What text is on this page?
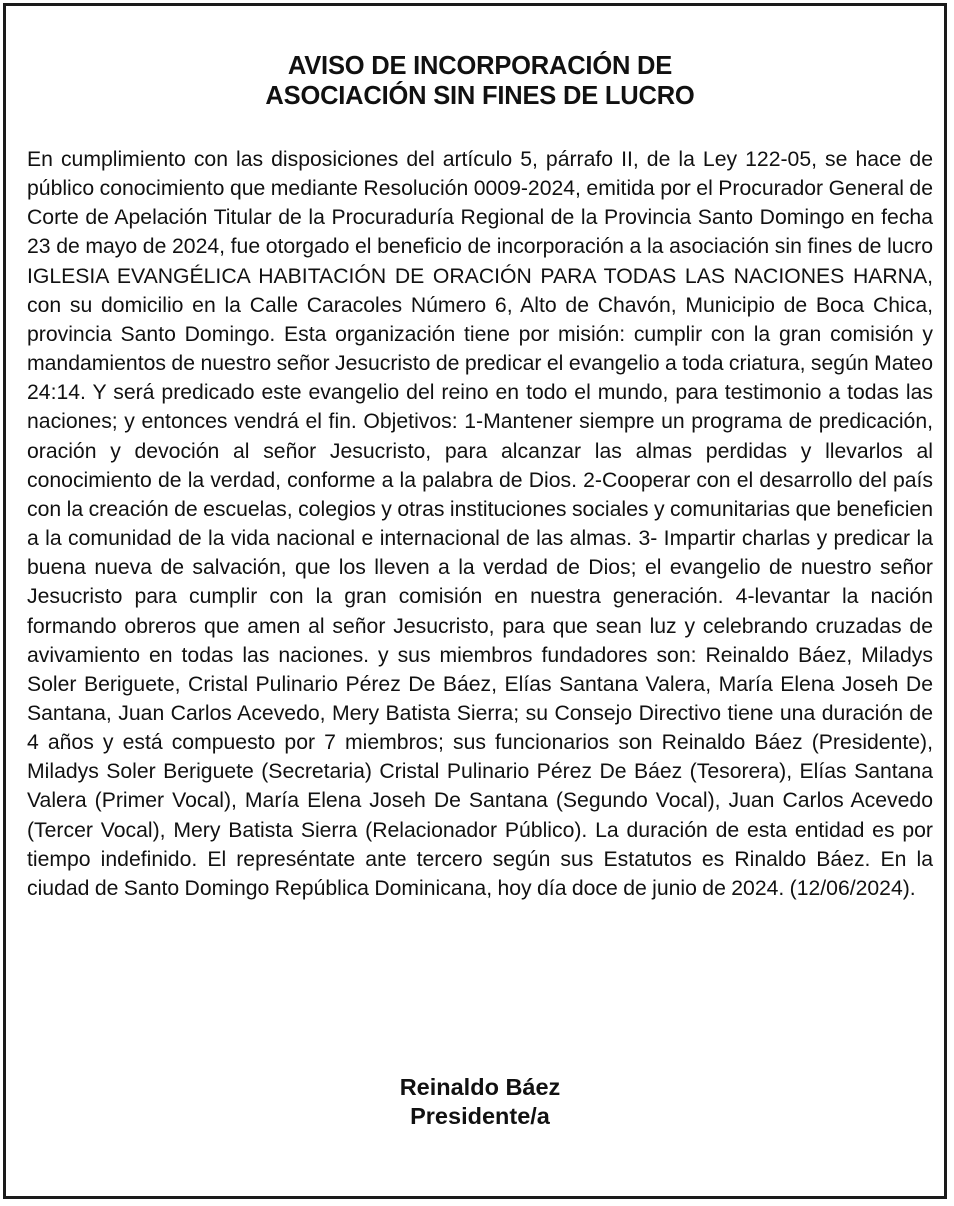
AVISO DE INCORPORACIÓN DE
ASOCIACIÓN SIN FINES DE LUCRO

En cumplimiento con las disposiciones del artículo 5, párrafo II, de la Ley 122-05, se hace de público conocimiento que mediante Resolución 0009-2024, emitida por el Procurador General de Corte de Apelación Titular de la Procuraduría Regional de la Provincia Santo Domingo en fecha 23 de mayo de 2024, fue otorgado el beneficio de incorporación a la asociación sin fines de lucro IGLESIA EVANGÉLICA HABITACIÓN DE ORACIÓN PARA TODAS LAS NACIONES HARNA, con su domicilio en la Calle Caracoles Número 6, Alto de Chavón, Municipio de Boca Chica, provincia Santo Domingo. Esta organización tiene por misión: cumplir con la gran comisión y mandamientos de nuestro señor Jesucristo de predicar el evangelio a toda criatura, según Mateo 24:14. Y será predicado este evangelio del reino en todo el mundo, para testimonio a todas las naciones; y entonces vendrá el fin. Objetivos: 1-Mantener siempre un programa de predicación, oración y devoción al señor Jesucristo, para alcanzar las almas perdidas y llevarlos al conocimiento de la verdad, conforme a la palabra de Dios. 2-Cooperar con el desarrollo del país con la creación de escuelas, colegios y otras instituciones sociales y comunitarias que beneficien a la comunidad de la vida nacional e internacional de las almas. 3- Impartir charlas y predicar la buena nueva de salvación, que los lleven a la verdad de Dios; el evangelio de nuestro señor Jesucristo para cumplir con la gran comisión en nuestra generación. 4-levantar la nación formando obreros que amen al señor Jesucristo, para que sean luz y celebrando cruzadas de avivamiento en todas las naciones. y sus miembros fundadores son: Reinaldo Báez, Miladys Soler Beriguete, Cristal Pulinario Pérez De Báez, Elías Santana Valera, María Elena Joseh De Santana, Juan Carlos Acevedo, Mery Batista Sierra; su Consejo Directivo tiene una duración de 4 años y está compuesto por 7 miembros; sus funcionarios son Reinaldo Báez (Presidente), Miladys Soler Beriguete (Secretaria) Cristal Pulinario Pérez De Báez (Tesorera), Elías Santana Valera (Primer Vocal), María Elena Joseh De Santana (Segundo Vocal), Juan Carlos Acevedo (Tercer Vocal), Mery Batista Sierra (Relacionador Público). La duración de esta entidad es por tiempo indefinido. El represéntate ante tercero según sus Estatutos es Rinaldo Báez. En la ciudad de Santo Domingo República Dominicana, hoy día doce de junio de 2024. (12/06/2024).

Reinaldo Báez
Presidente/a
